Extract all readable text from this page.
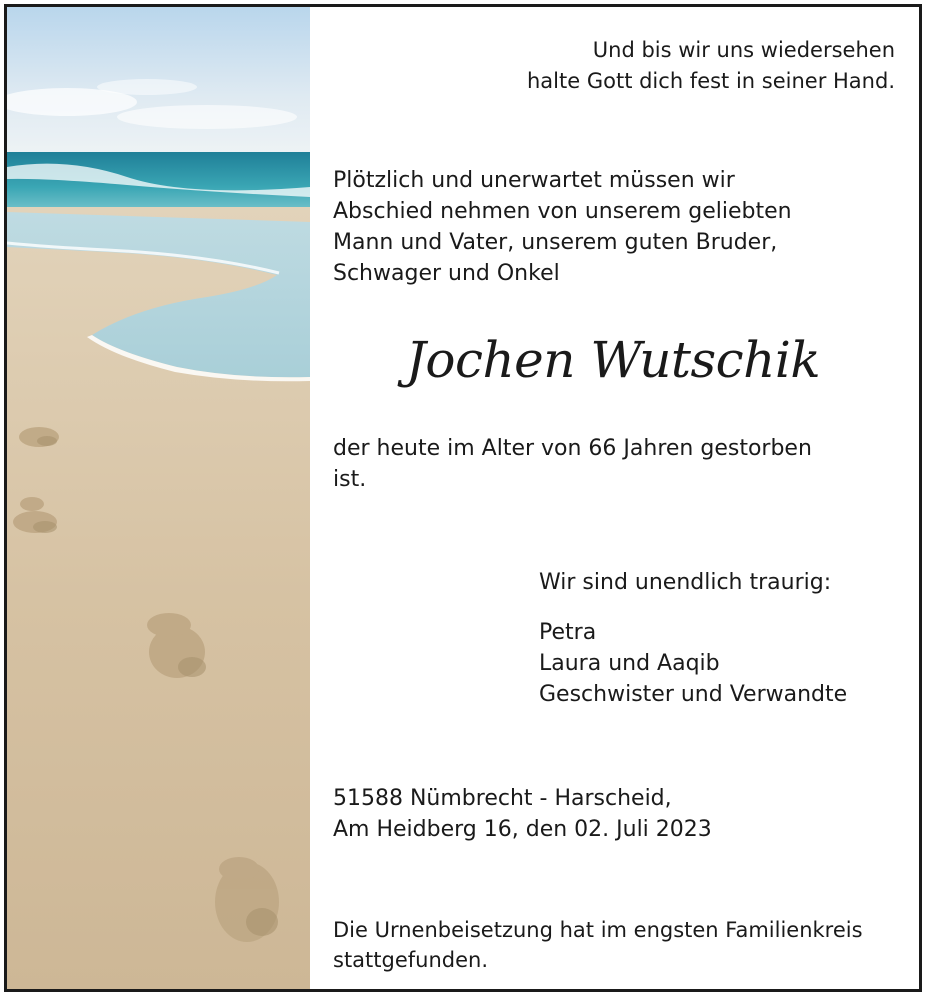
Und bis wir uns wiedersehen
halte Gott dich fest in seiner Hand.
Plötzlich und unerwartet müssen wir
Abschied nehmen von unserem geliebten
Mann und Vater, unserem guten Bruder,
Schwager und Onkel
Jochen Wutschik
der heute im Alter von 66 Jahren gestorben
ist.
Wir sind unendlich traurig:
Petra
Laura und Aaqib
Geschwister und Verwandte
51588 Nümbrecht - Harscheid,
Am Heidberg 16, den 02. Juli 2023
Die Urnenbeisetzung hat im engsten Familienkreis
stattgefunden.
